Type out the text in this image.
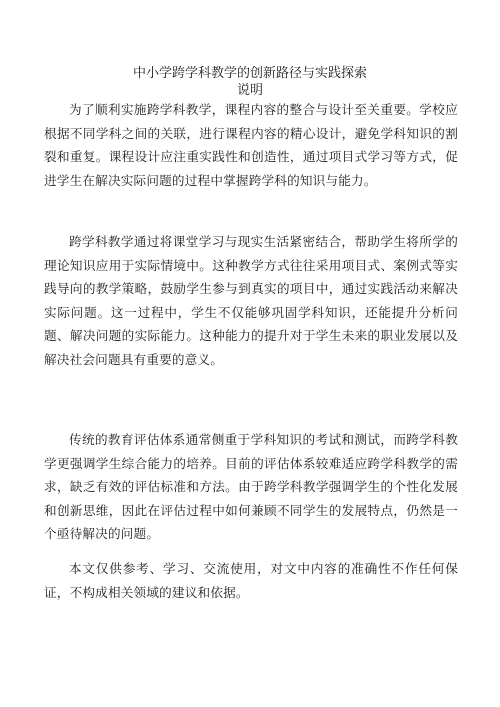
中小学跨学科教学的创新路径与实践探索
说明
为了顺利实施跨学科教学，课程内容的整合与设计至关重要。学校应根据不同学科之间的关联，进行课程内容的精心设计，避免学科知识的割裂和重复。课程设计应注重实践性和创造性，通过项目式学习等方式，促进学生在解决实际问题的过程中掌握跨学科的知识与能力。
跨学科教学通过将课堂学习与现实生活紧密结合，帮助学生将所学的理论知识应用于实际情境中。这种教学方式往往采用项目式、案例式等实践导向的教学策略，鼓励学生参与到真实的项目中，通过实践活动来解决实际问题。这一过程中，学生不仅能够巩固学科知识，还能提升分析问题、解决问题的实际能力。这种能力的提升对于学生未来的职业发展以及解决社会问题具有重要的意义。
传统的教育评估体系通常侧重于学科知识的考试和测试，而跨学科教学更强调学生综合能力的培养。目前的评估体系较难适应跨学科教学的需求，缺乏有效的评估标准和方法。由于跨学科教学强调学生的个性化发展和创新思维，因此在评估过程中如何兼顾不同学生的发展特点，仍然是一个亟待解决的问题。
本文仅供参考、学习、交流使用，对文中内容的准确性不作任何保证，不构成相关领域的建议和依据。
